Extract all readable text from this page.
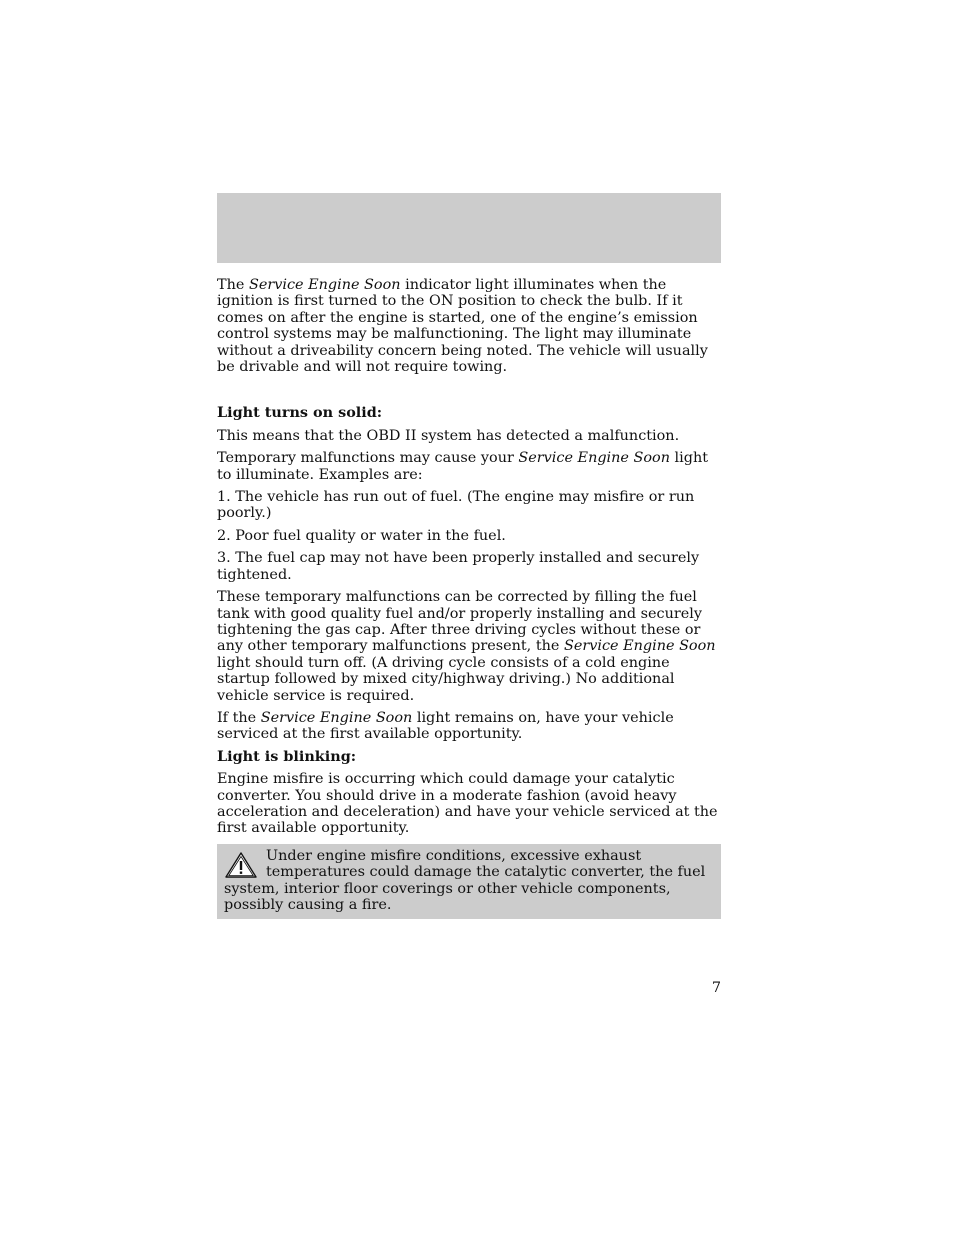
The Service Engine Soon indicator light illuminates when the ignition is first turned to the ON position to check the bulb. If it comes on after the engine is started, one of the engine’s emission control systems may be malfunctioning. The light may illuminate without a driveability concern being noted. The vehicle will usually be drivable and will not require towing.

Light turns on solid:

This means that the OBD II system has detected a malfunction.

Temporary malfunctions may cause your Service Engine Soon light to illuminate. Examples are:

1. The vehicle has run out of fuel. (The engine may misfire or run poorly.)

2. Poor fuel quality or water in the fuel.

3. The fuel cap may not have been properly installed and securely tightened.

These temporary malfunctions can be corrected by filling the fuel tank with good quality fuel and/or properly installing and securely tightening the gas cap. After three driving cycles without these or any other temporary malfunctions present, the Service Engine Soon light should turn off. (A driving cycle consists of a cold engine startup followed by mixed city/highway driving.) No additional vehicle service is required.

If the Service Engine Soon light remains on, have your vehicle serviced at the first available opportunity.

Light is blinking:

Engine misfire is occurring which could damage your catalytic converter. You should drive in a moderate fashion (avoid heavy acceleration and deceleration) and have your vehicle serviced at the first available opportunity.

Under engine misfire conditions, excessive exhaust temperatures could damage the catalytic converter, the fuel system, interior floor coverings or other vehicle components, possibly causing a fire.
7
